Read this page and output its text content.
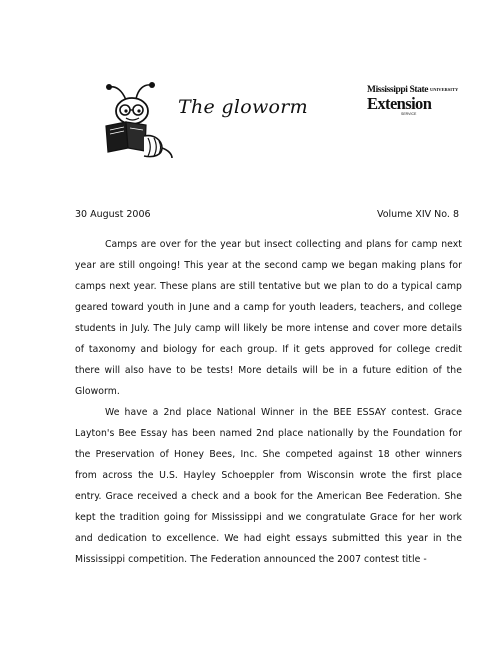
The gloworm
Mississippi State $^{UNIVERSITY}$
Extension
SERVICE
30 August 2006	Volume XIV No. 8

Camps are over for the year but insect collecting and plans for camp next year are still ongoing! This year at the second camp we began making plans for camps next year. These plans are still tentative but we plan to do a typical camp geared toward youth in June and a camp for youth leaders, teachers, and college students in July. The July camp will likely be more intense and cover more details of taxonomy and biology for each group. If it gets approved for college credit there will also have to be tests! More details will be in a future edition of the Gloworm.

We have a 2nd place National Winner in the BEE ESSAY contest. Grace Layton's Bee Essay has been named 2nd place nationally by the Foundation for the Preservation of Honey Bees, Inc. She competed against 18 other winners from across the U.S. Hayley Schoeppler from Wisconsin wrote the first place entry. Grace received a check and a book for the American Bee Federation. She kept the tradition going for Mississippi and we congratulate Grace for her work and dedication to excellence. We had eight essays submitted this year in the Mississippi competition. The Federation announced the 2007 contest title -
